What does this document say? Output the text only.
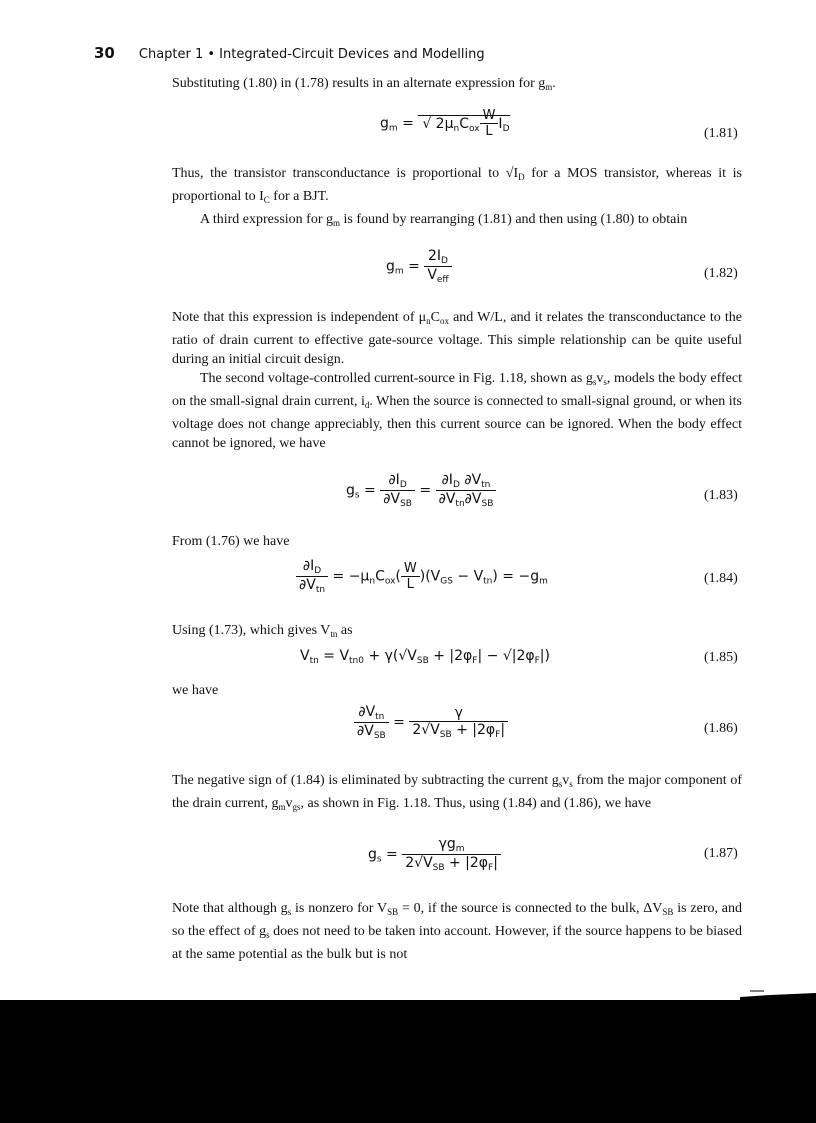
30 Chapter 1 • Integrated-Circuit Devices and Modelling

Substituting (1.80) in (1.78) results in an alternate expression for $g_m$.

$g_m$ = √ $2\mu_nC_{ox} \frac{W}{L} I_D$	(1.81)

Thus, the transistor transconductance is proportional to $√I_D$ for a MOS transistor, whereas it is proportional to $I_C$ for a BJT.

A third expression for $g_m$ is found by rearranging (1.81) and then using (1.80) to obtain

$g_m = \frac{2I_D}{V_{eff}}$	(1.82)

Note that this expression is independent of $\mu_nC_{ox}$ and W/L, and it relates the transconductance to the ratio of drain current to effective gate-source voltage. This simple relationship can be quite useful during an initial circuit design.

The second voltage-controlled current-source in Fig. 1.18, shown as $g_sv_s$, models the body effect on the small-signal drain current, $i_d$. When the source is connected to small-signal ground, or when its voltage does not change appreciably, then this current source can be ignored. When the body effect cannot be ignored, we have

$g_s = \frac{\partial I_D}{\partial V_{SB}} = \frac{\partial I_D \partial V_{tn}}{\partial V_{tn}\partial V_{SB}}$	(1.83)

From (1.76) we have

$\frac{\partial I_D}{\partial V_{tn}} = -\mu_nC_{ox}( \frac{W}{L} )(V_{GS} - V_{tn}) = -g_m$	(1.84)

Using (1.73), which gives $V_{tn}$ as

$V_{tn} = V_{tn0} + \gamma(√V_{SB} + |2\varphi_F| - √|2\varphi_F|)$	(1.85)

we have

$\frac{\partial V_{tn}}{\partial V_{SB}} = \frac{\gamma}{2√V_{SB} + |2\varphi_F|}$	(1.86)

The negative sign of (1.84) is eliminated by subtracting the current $g_sv_s$ from the major component of the drain current, $g_mv_{gs}$, as shown in Fig. 1.18. Thus, using (1.84) and (1.86), we have

$g_s = \frac{\gamma g_m}{2√V_{SB} + |2\varphi_F|}$	(1.87)

Note that although $g_s$ is nonzero for $V_{SB} = 0$, if the source is connected to the bulk, $\Delta V_{SB}$ is zero, and so the effect of $g_s$ does not need to be taken into account. However, if the source happens to be biased at the same potential as the bulk but is not
